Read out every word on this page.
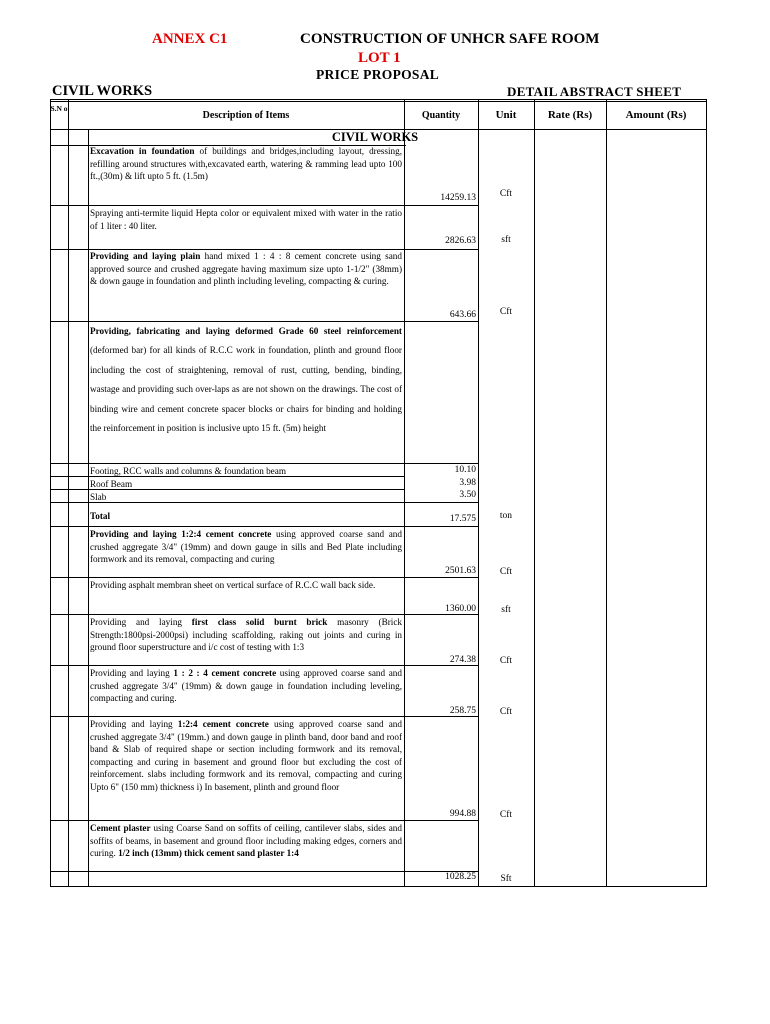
ANNEX C1	CONSTRUCTION OF UNHCR SAFE ROOM
LOT 1
PRICE PROPOSAL
CIVIL WORKS	DETAIL ABSTRACT SHEET
S.N o
Description of Items	Quantity	Unit	Rate (Rs)	Amount (Rs)
CIVIL WORKS
Excavation in foundation of buildings and bridges,including layout, dressing, refilling around structures with,excavated earth, watering & ramming lead upto 100 ft.,(30m) & lift upto 5 ft. (1.5m)
14259.13	Cft
Spraying anti-termite liquid Hepta color or equivalent mixed with water in the ratio of 1 liter : 40 liter.
2826.63	sft
Providing and laying plain hand mixed 1 : 4 : 8 cement concrete using sand approved source and crushed aggregate having maximum size upto 1-1/2" (38mm) & down gauge in foundation and plinth including leveling, compacting & curing.
643.66	Cft
Providing, fabricating and laying deformed Grade 60 steel reinforcement (deformed bar) for all kinds of R.C.C work in foundation, plinth and ground floor including the cost of straightening, removal of rust, cutting, bending, binding, wastage and providing such over-laps as are not shown on the drawings. The cost of binding wire and cement concrete spacer blocks or chairs for binding and holding the reinforcement in position is inclusive upto 15 ft. (5m) height
Footing, RCC walls and columns & foundation beam	10.10
Roof Beam	3.98
Slab	3.50
Total	17.575	ton
Providing and laying 1:2:4 cement concrete using approved coarse sand and crushed aggregate 3/4" (19mm) and down gauge in sills and Bed Plate including formwork and its removal, compacting and curing
2501.63	Cft
Providing asphalt membran sheet on vertical surface of R.C.C wall back side.
1360.00	sft
Providing and laying first class solid burnt brick masonry (Brick Strength:1800psi-2000psi) including scaffolding, raking out joints and curing in ground floor superstructure and i/c cost of testing with 1:3
274.38	Cft
Providing and laying 1 : 2 : 4 cement concrete using approved coarse sand and crushed aggregate 3/4" (19mm) & down gauge in foundation including leveling, compacting and curing.
258.75	Cft
Providing and laying 1:2:4 cement concrete using approved coarse sand and crushed aggregate 3/4" (19mm.) and down gauge in plinth band, door band and roof band & Slab of required shape or section including formwork and its removal, compacting and curing in basement and ground floor but excluding the cost of reinforcement. slabs including formwork and its removal, compacting and curing Upto 6" (150 mm) thickness i) In basement, plinth and ground floor
994.88	Cft
Cement plaster using Coarse Sand on soffits of ceiling, cantilever slabs, sides and soffits of beams, in basement and ground floor including making edges, corners and curing. 1/2 inch (13mm) thick cement sand plaster 1:4
1028.25	Sft
